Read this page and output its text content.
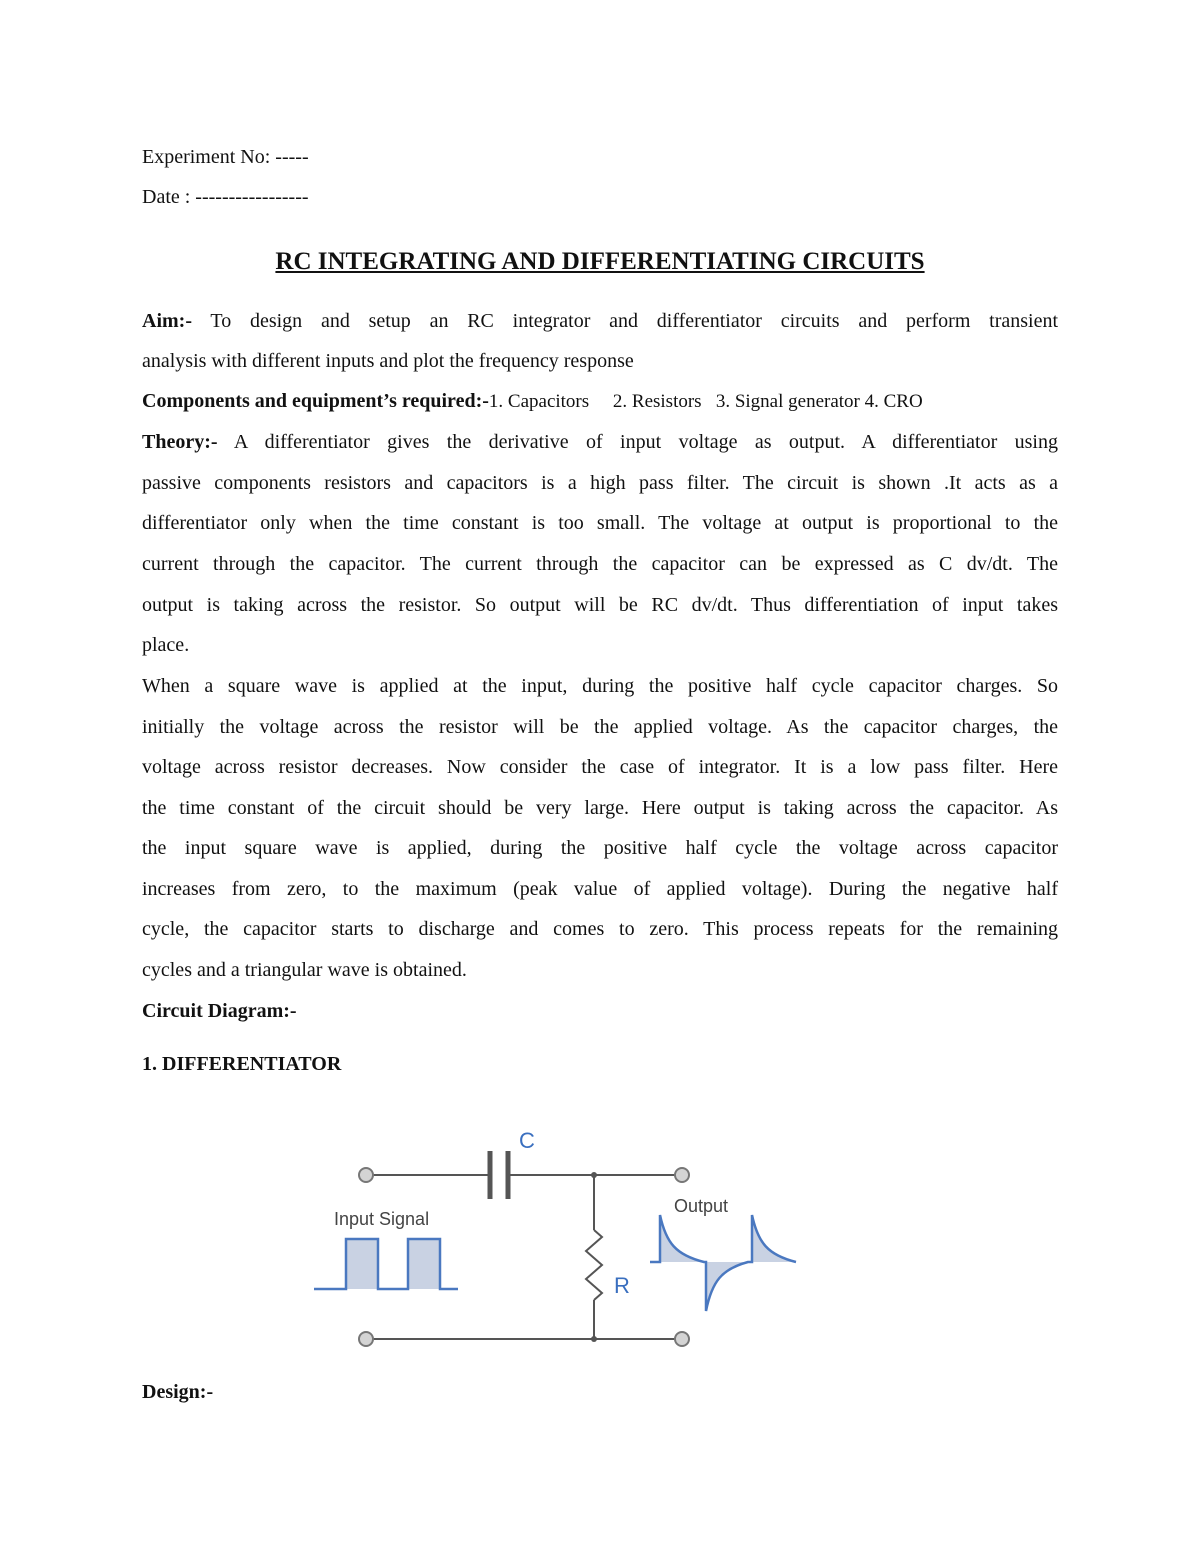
Experiment No: -----
Date : -----------------
RC INTEGRATING AND DIFFERENTIATING CIRCUITS
Aim:- To design and setup an RC integrator and differentiator circuits and perform transient
analysis with different inputs and plot the frequency response
Components and equipment’s required:-1. Capacitors     2. Resistors   3. Signal generator 4. CRO
Theory:- A differentiator gives the derivative of input voltage as output. A differentiator using
passive components resistors and capacitors is a high pass filter. The circuit is shown .It acts as a
differentiator only when the time constant is too small. The voltage at output is proportional to the
current through the capacitor. The current through the capacitor can be expressed as C dv/dt. The
output is taking across the resistor. So output will be RC dv/dt. Thus differentiation of input takes
place.
When a square wave is applied at the input, during the positive half cycle capacitor charges. So
initially the voltage across the resistor will be the applied voltage. As the capacitor charges, the
voltage across resistor decreases. Now consider the case of integrator. It is a low pass filter. Here
the time constant of the circuit should be very large. Here output is taking across the capacitor. As
the input square wave is applied, during the positive half cycle the voltage across capacitor
increases from zero, to the maximum (peak value of applied voltage). During the negative half
cycle, the capacitor starts to discharge and comes to zero. This process repeats for the remaining
cycles and a triangular wave is obtained.
Circuit Diagram:-
1. DIFFERENTIATOR
C
R
Input Signal
Output
Design:-
